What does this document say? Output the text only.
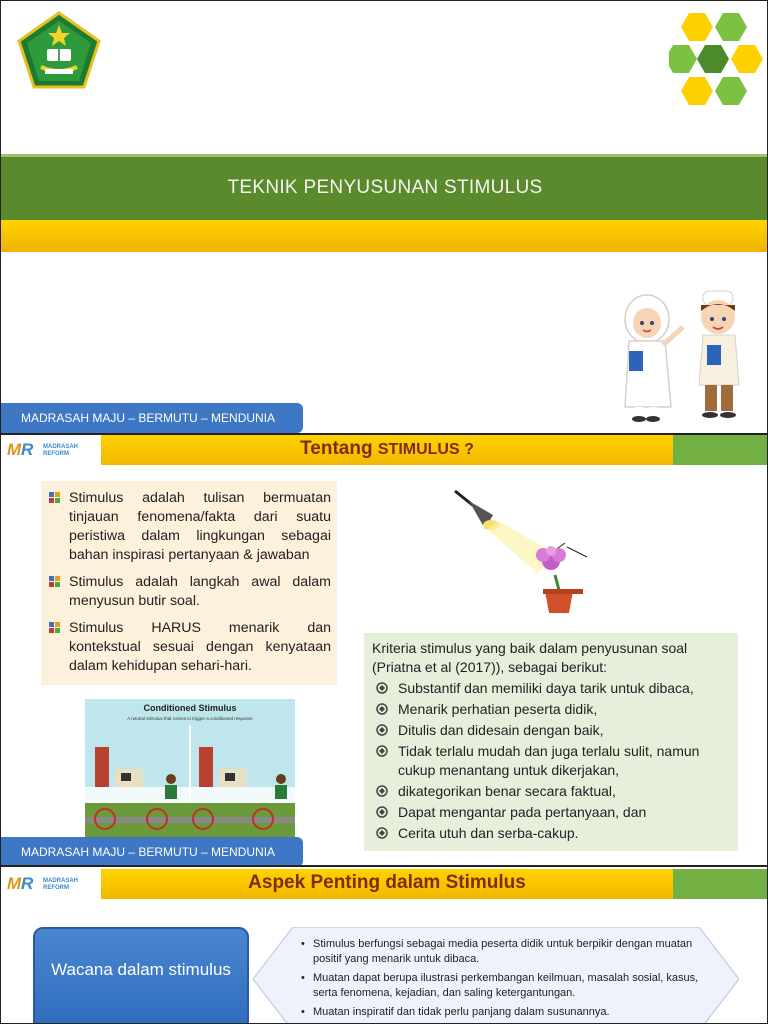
TEKNIK PENYUSUNAN STIMULUS
MADRASAH MAJU – BERMUTU – MENDUNIA
M R MADRASAH
REFORM	Tentang STIMULUS ?
Stimulus adalah tulisan bermuatan tinjauan fenomena/fakta dari suatu peristiwa dalam lingkungan sebagai bahan inspirasi pertanyaan & jawaban
Stimulus adalah langkah awal dalam menyusun butir soal.
Stimulus HARUS menarik dan kontekstual sesuai dengan kenyataan dalam kehidupan sehari-hari.
Conditioned Stimulus
A neutral stimulus that comes to trigger a conditioned response
Kriteria stimulus yang baik dalam penyusunan soal (Priatna et al (2017)), sebagai berikut:
Substantif dan memiliki daya tarik untuk dibaca,
Menarik perhatian peserta didik,
Ditulis dan didesain dengan baik,
Tidak terlalu mudah dan juga terlalu sulit, namun cukup menantang untuk dikerjakan,
dikategorikan benar secara faktual,
Dapat mengantar pada pertanyaan, dan
Cerita utuh dan serba-cakup.
MADRASAH MAJU – BERMUTU – MENDUNIA
M R MADRASAH
REFORM	Aspek Penting dalam Stimulus
Wacana dalam stimulus
• Stimulus berfungsi sebagai media peserta didik untuk berpikir dengan muatan positif yang menarik untuk dibaca.
• Muatan dapat berupa ilustrasi perkembangan keilmuan, masalah sosial, kasus, serta fenomena, kejadian, dan saling ketergantungan.
• Muatan inspiratif dan tidak perlu panjang dalam susunannya.
